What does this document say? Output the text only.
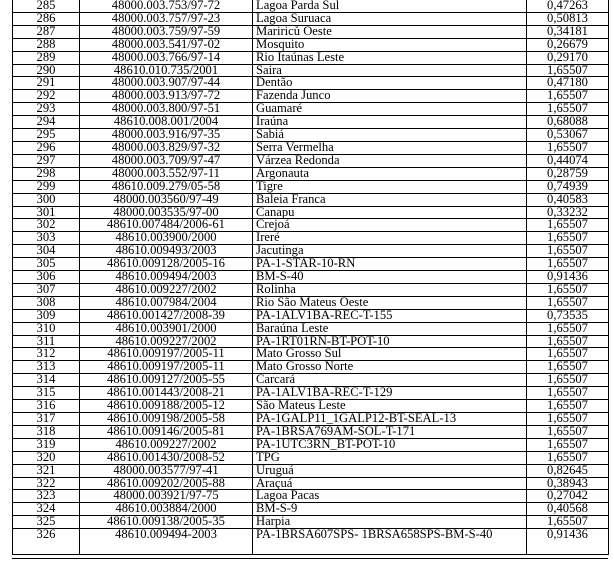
285	48000.003.753/97-72	Lagoa Parda Sul	0,47263
286	48000.003.757/97-23	Lagoa Suruaca	0,50813
287	48000.003.759/97-59	Maririců Oeste	0,34181
288	48000.003.541/97-02	Mosquito	0,26679
289	48000.003.766/97-14	Rio Itaúnas Leste	0,29170
290	48610.010.735/2001	Saira	1,65507
291	48000.003.907/97-44	Dentão	0,47180
292	48000.003.913/97-72	Fazenda Junco	1,65507
293	48000.003.800/97-51	Guamaré	1,65507
294	48610.008.001/2004	Iraúna	0,68088
295	48000.003.916/97-35	Sabiá	0,53067
296	48000.003.829/97-32	Serra Vermelha	1,65507
297	48000.003.709/97-47	Várzea Redonda	0,44074
298	48000.003.552/97-11	Argonauta	0,28759
299	48610.009.279/05-58	Tigre	0,74939
300	48000.003560/97-49	Baleia Franca	0,40583
301	48000.003535/97-00	Canapu	0,33232
302	48610.007484/2006-61	Crejoá	1,65507
303	48610.003900/2000	Ireré	1,65507
304	48610.009493/2003	Jacutinga	1,65507
305	48610.009128/2005-16	PA-1-STAR-10-RN	1,65507
306	48610.009494/2003	BM-S-40	0,91436
307	48610.009227/2002	Rolinha	1,65507
308	48610.007984/2004	Rio São Mateus Oeste	1,65507
309	48610.001427/2008-39	PA-1ALV1BA-REC-T-155	0,73535
310	48610.003901/2000	Baraúna Leste	1,65507
311	48610.009227/2002	PA-1RT01RN-BT-POT-10	1,65507
312	48610.009197/2005-11	Mato Grosso Sul	1,65507
313	48610.009197/2005-11	Mato Grosso Norte	1,65507
314	48610.009127/2005-55	Carcará	1,65507
315	48610.001443/2008-21	PA-1ALV1BA-REC-T-129	1,65507
316	48610.009188/2005-12	São Mateus Leste	1,65507
317	48610.009198/2005-58	PA-1GALP11_1GALP12-BT-SEAL-13	1,65507
318	48610.009146/2005-81	PA-1BRSA769AM-SOL-T-171	1,65507
319	48610.009227/2002	PA-1UTC3RN_BT-POT-10	1,65507
320	48610.001430/2008-52	TPG	1,65507
321	48000.003577/97-41	Uruguá	0,82645
322	48610.009202/2005-88	Araçuá	0,38943
323	48000.003921/97-75	Lagoa Pacas	0,27042
324	48610.003884/2000	BM-S-9	0,40568
325	48610.009138/2005-35	Harpia	1,65507
326	48610.009494-2003	PA-1BRSA607SPS- 1BRSA658SPS-BM-S-40	0,91436
